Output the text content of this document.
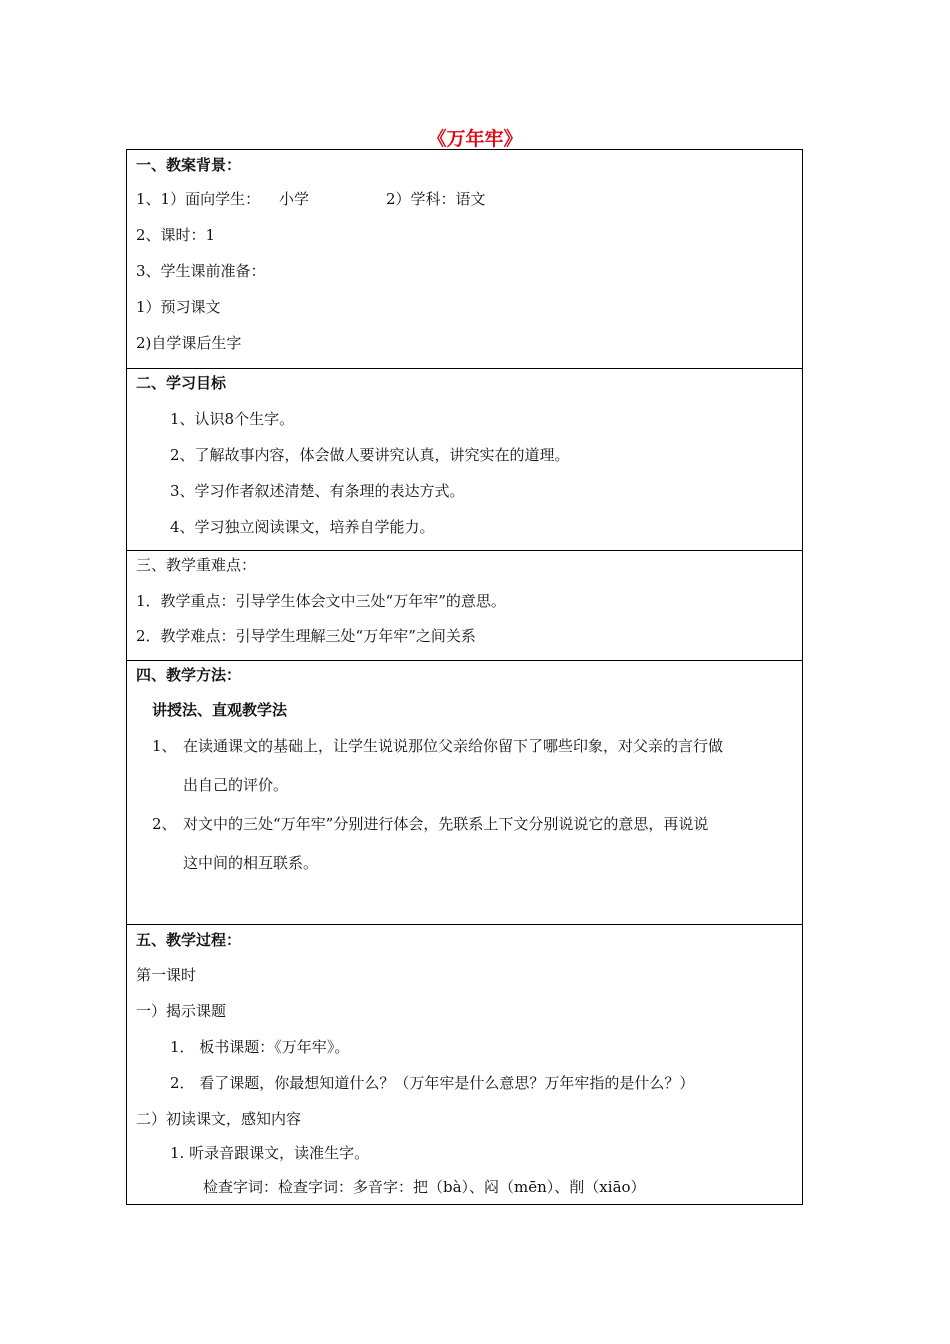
《万年牢》
一、教案背景：
1、1）面向学生： 小学	2）学科：语文
2、课时：1
3、学生课前准备：
1）预习课文
2)自学课后生字
二、学习目标
1、认识8个生字。
2、了解故事内容，体会做人要讲究认真，讲究实在的道理。
3、学习作者叙述清楚、有条理的表达方式。
4、学习独立阅读课文，培养自学能力。
三、教学重难点：
1．教学重点：引导学生体会文中三处“万年牢”的意思。
2．教学难点：引导学生理解三处“万年牢”之间关系
四、教学方法：
讲授法、直观教学法
1、 在读通课文的基础上，让学生说说那位父亲给你留下了哪些印象，对父亲的言行做
出自己的评价。
2、 对文中的三处“万年牢”分别进行体会，先联系上下文分别说说它的意思，再说说
这中间的相互联系。
五、教学过程：
第一课时
一）揭示课题
1． 板书课题：《万年牢》。
2． 看了课题，你最想知道什么？（万年牢是什么意思？万年牢指的是什么？）
二）初读课文，感知内容
1. 听录音跟课文，读准生字。
检查字词：检查字词：多音字：把（bà）、闷（mēn）、削（xiāo）
